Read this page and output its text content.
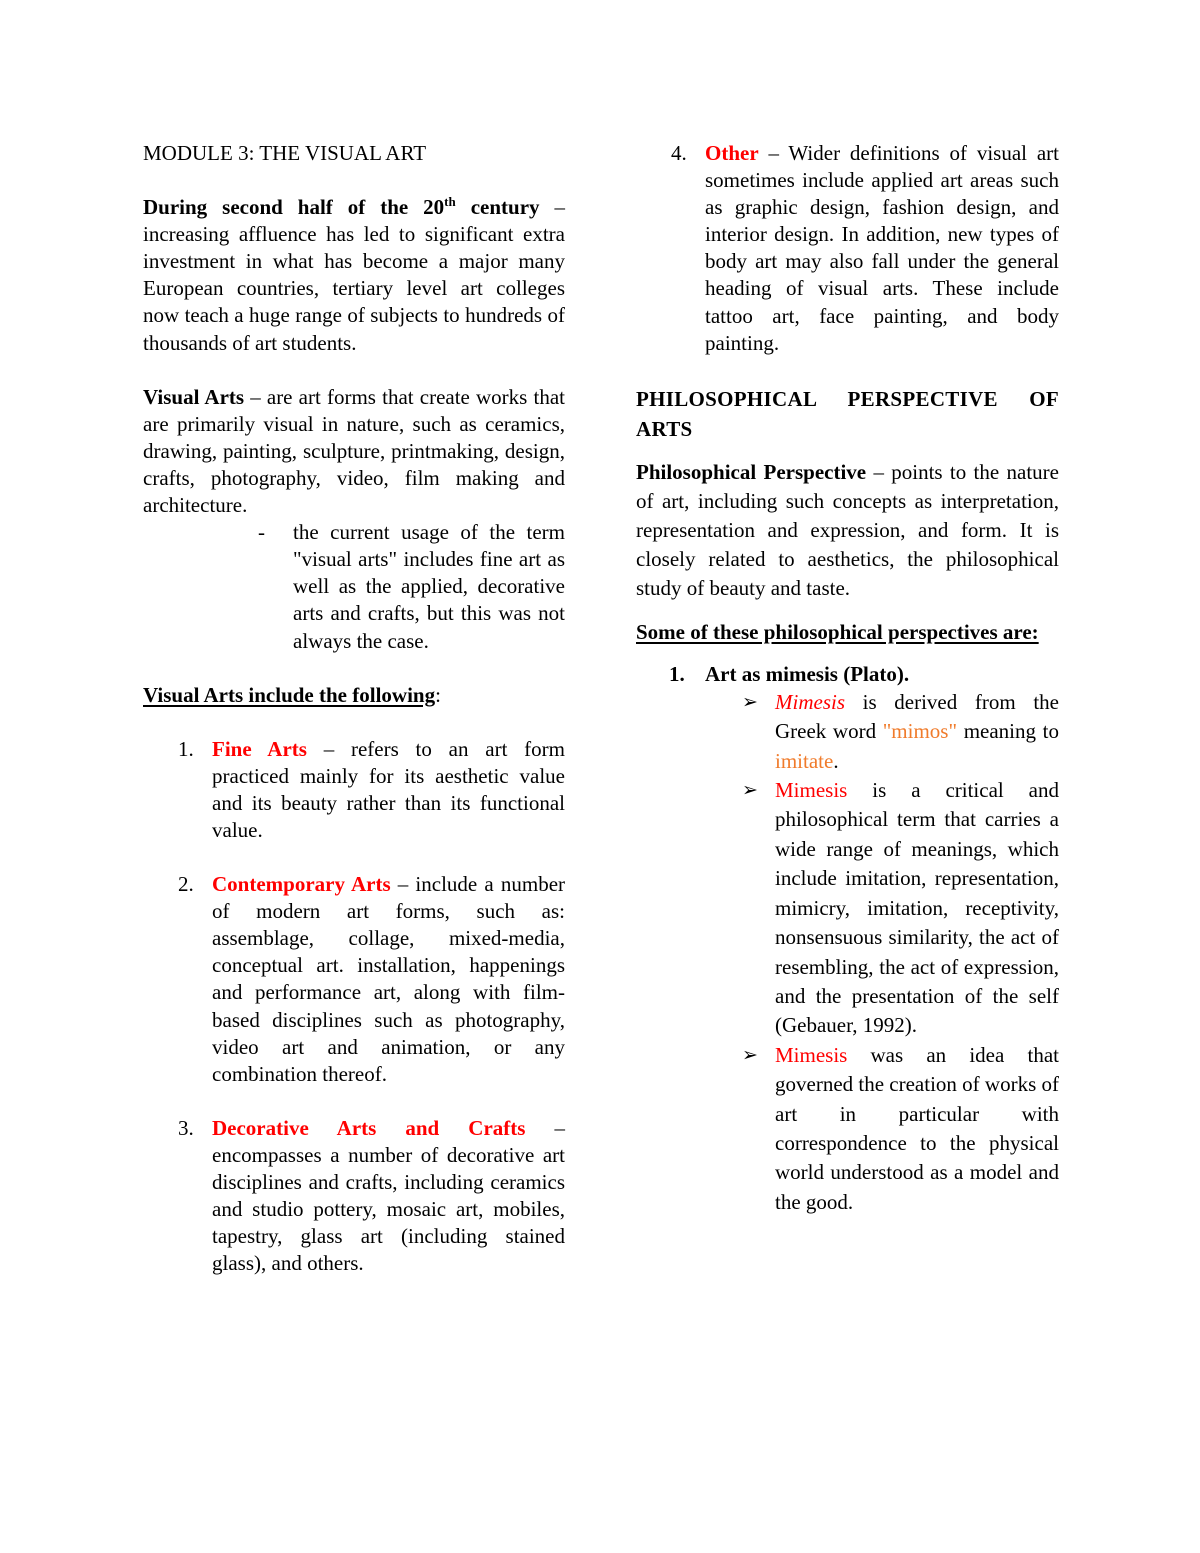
MODULE 3: THE VISUAL ART

During second half of the 20th century – increasing affluence has led to significant extra investment in what has become a major many European countries, tertiary level art colleges now teach a huge range of subjects to hundreds of thousands of art students.

Visual Arts – are art forms that create works that are primarily visual in nature, such as ceramics, drawing, painting, sculpture, printmaking, design, crafts, photography, video, film making and architecture.

- the current usage of the term "visual arts" includes fine art as well as the applied, decorative arts and crafts, but this was not always the case.

Visual Arts include the following:

1. Fine Arts – refers to an art form practiced mainly for its aesthetic value and its beauty rather than its functional value.
2. Contemporary Arts – include a number of modern art forms, such as: assemblage, collage, mixed-media, conceptual art. installation, happenings and performance art, along with film-based disciplines such as photography, video art and animation, or any combination thereof.
3. Decorative Arts and Crafts – encompasses a number of decorative art disciplines and crafts, including ceramics and studio pottery, mosaic art, mobiles, tapestry, glass art (including stained glass), and others.
4. Other – Wider definitions of visual art sometimes include applied art areas such as graphic design, fashion design, and interior design. In addition, new types of body art may also fall under the general heading of visual arts. These include tattoo art, face painting, and body painting.

PHILOSOPHICAL PERSPECTIVE OF ARTS

Philosophical Perspective – points to the nature of art, including such concepts as interpretation, representation and expression, and form. It is closely related to aesthetics, the philosophical study of beauty and taste.

Some of these philosophical perspectives are:

1. Art as mimesis (Plato).
➢ Mimesis is derived from the Greek word "mimos" meaning to imitate.
➢ Mimesis is a critical and philosophical term that carries a wide range of meanings, which include imitation, representation, mimicry, imitation, receptivity, nonsensuous similarity, the act of resembling, the act of expression, and the presentation of the self (Gebauer, 1992).
➢ Mimesis was an idea that governed the creation of works of art in particular with correspondence to the physical world understood as a model and the good.
